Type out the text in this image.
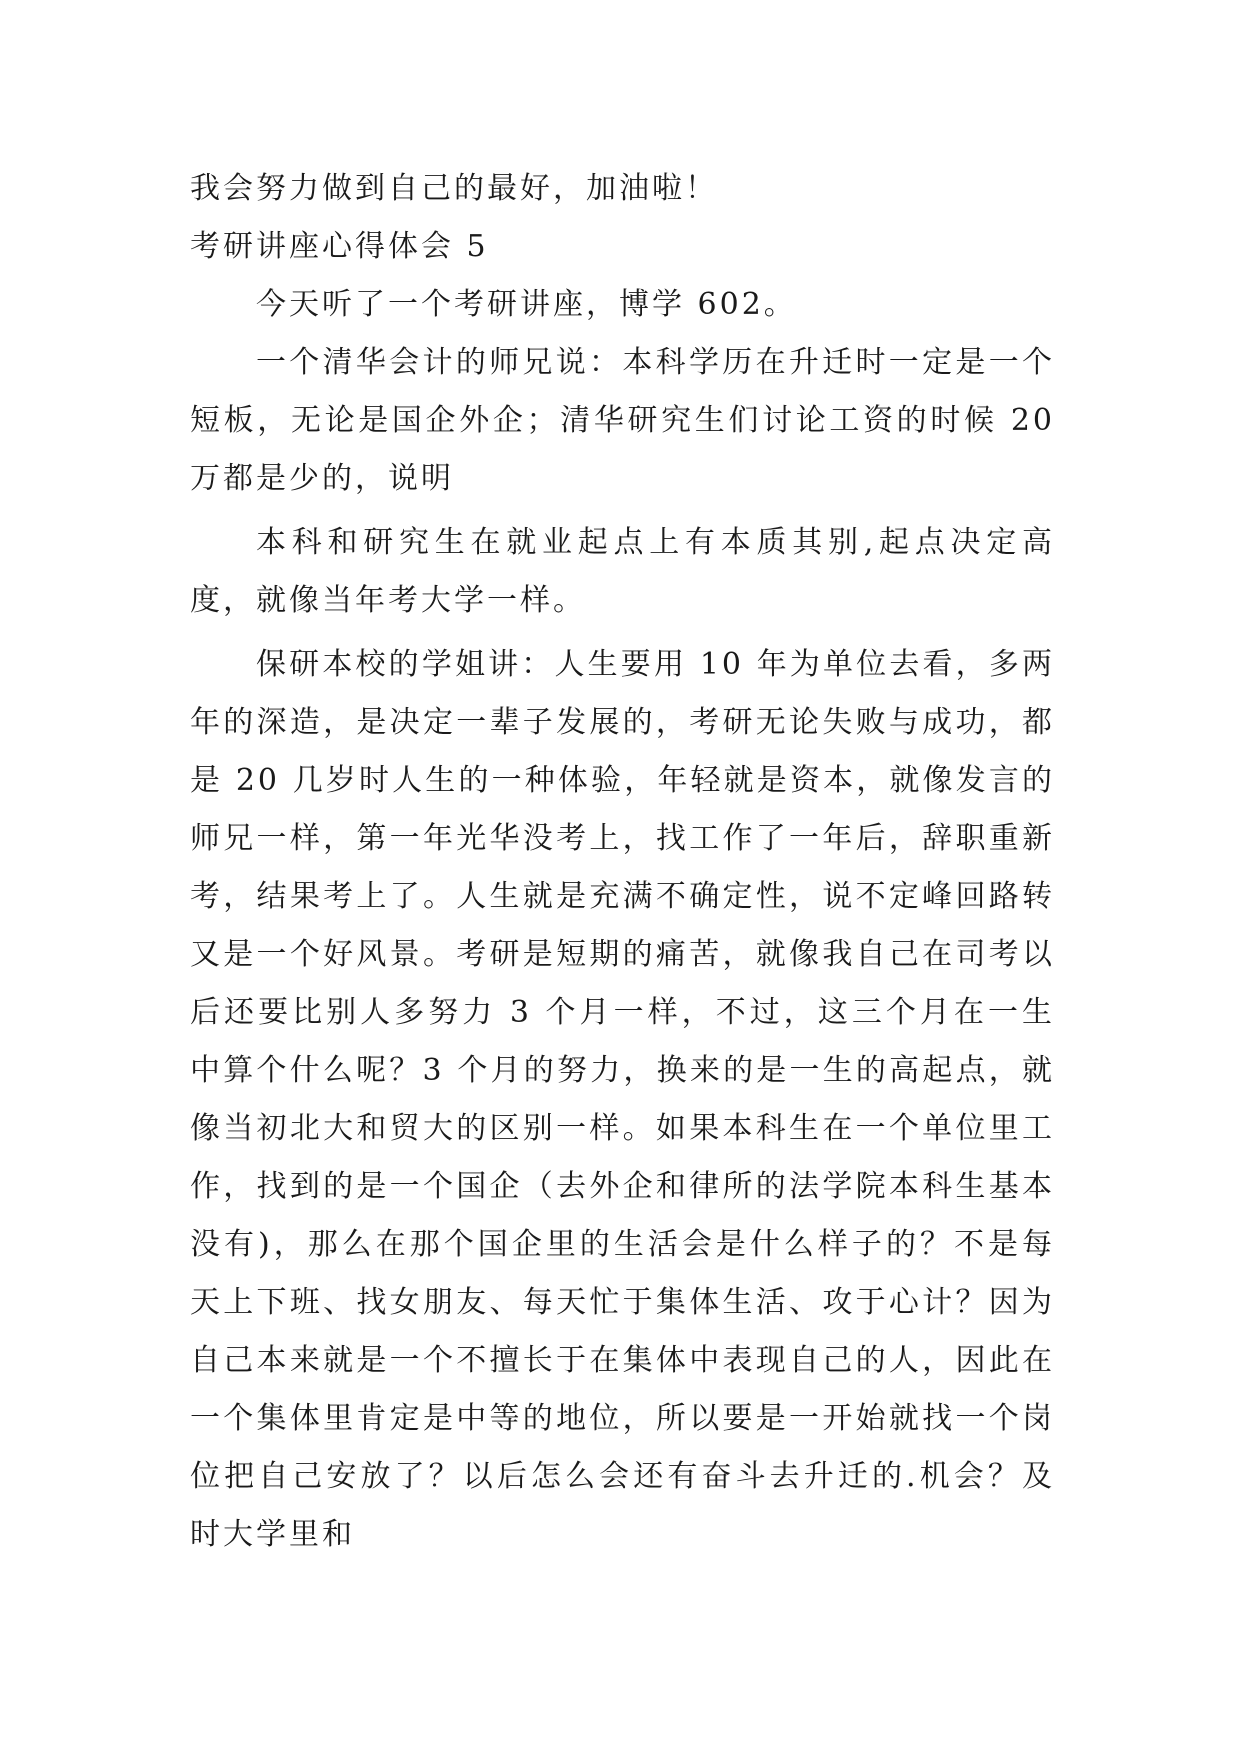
我会努力做到自己的最好，加油啦！

考研讲座心得体会 5

今天听了一个考研讲座，博学 602。

一个清华会计的师兄说：本科学历在升迁时一定是一个短板，无论是国企外企；清华研究生们讨论工资的时候 20 万都是少的，说明

本科和研究生在就业起点上有本质其别,起点决定高度，就像当年考大学一样。

保研本校的学姐讲：人生要用 10 年为单位去看，多两年的深造，是决定一辈子发展的，考研无论失败与成功，都是 20 几岁时人生的一种体验，年轻就是资本，就像发言的师兄一样，第一年光华没考上，找工作了一年后，辞职重新考，结果考上了。人生就是充满不确定性，说不定峰回路转又是一个好风景。考研是短期的痛苦，就像我自己在司考以后还要比别人多努力 3 个月一样，不过，这三个月在一生中算个什么呢？3 个月的努力，换来的是一生的高起点，就像当初北大和贸大的区别一样。如果本科生在一个单位里工作，找到的是一个国企（去外企和律所的法学院本科生基本没有)，那么在那个国企里的生活会是什么样子的？不是每天上下班、找女朋友、每天忙于集体生活、攻于心计？因为自己本来就是一个不擅长于在集体中表现自己的人，因此在一个集体里肯定是中等的地位，所以要是一开始就找一个岗位把自己安放了？以后怎么会还有奋斗去升迁的.机会？及时大学里和
